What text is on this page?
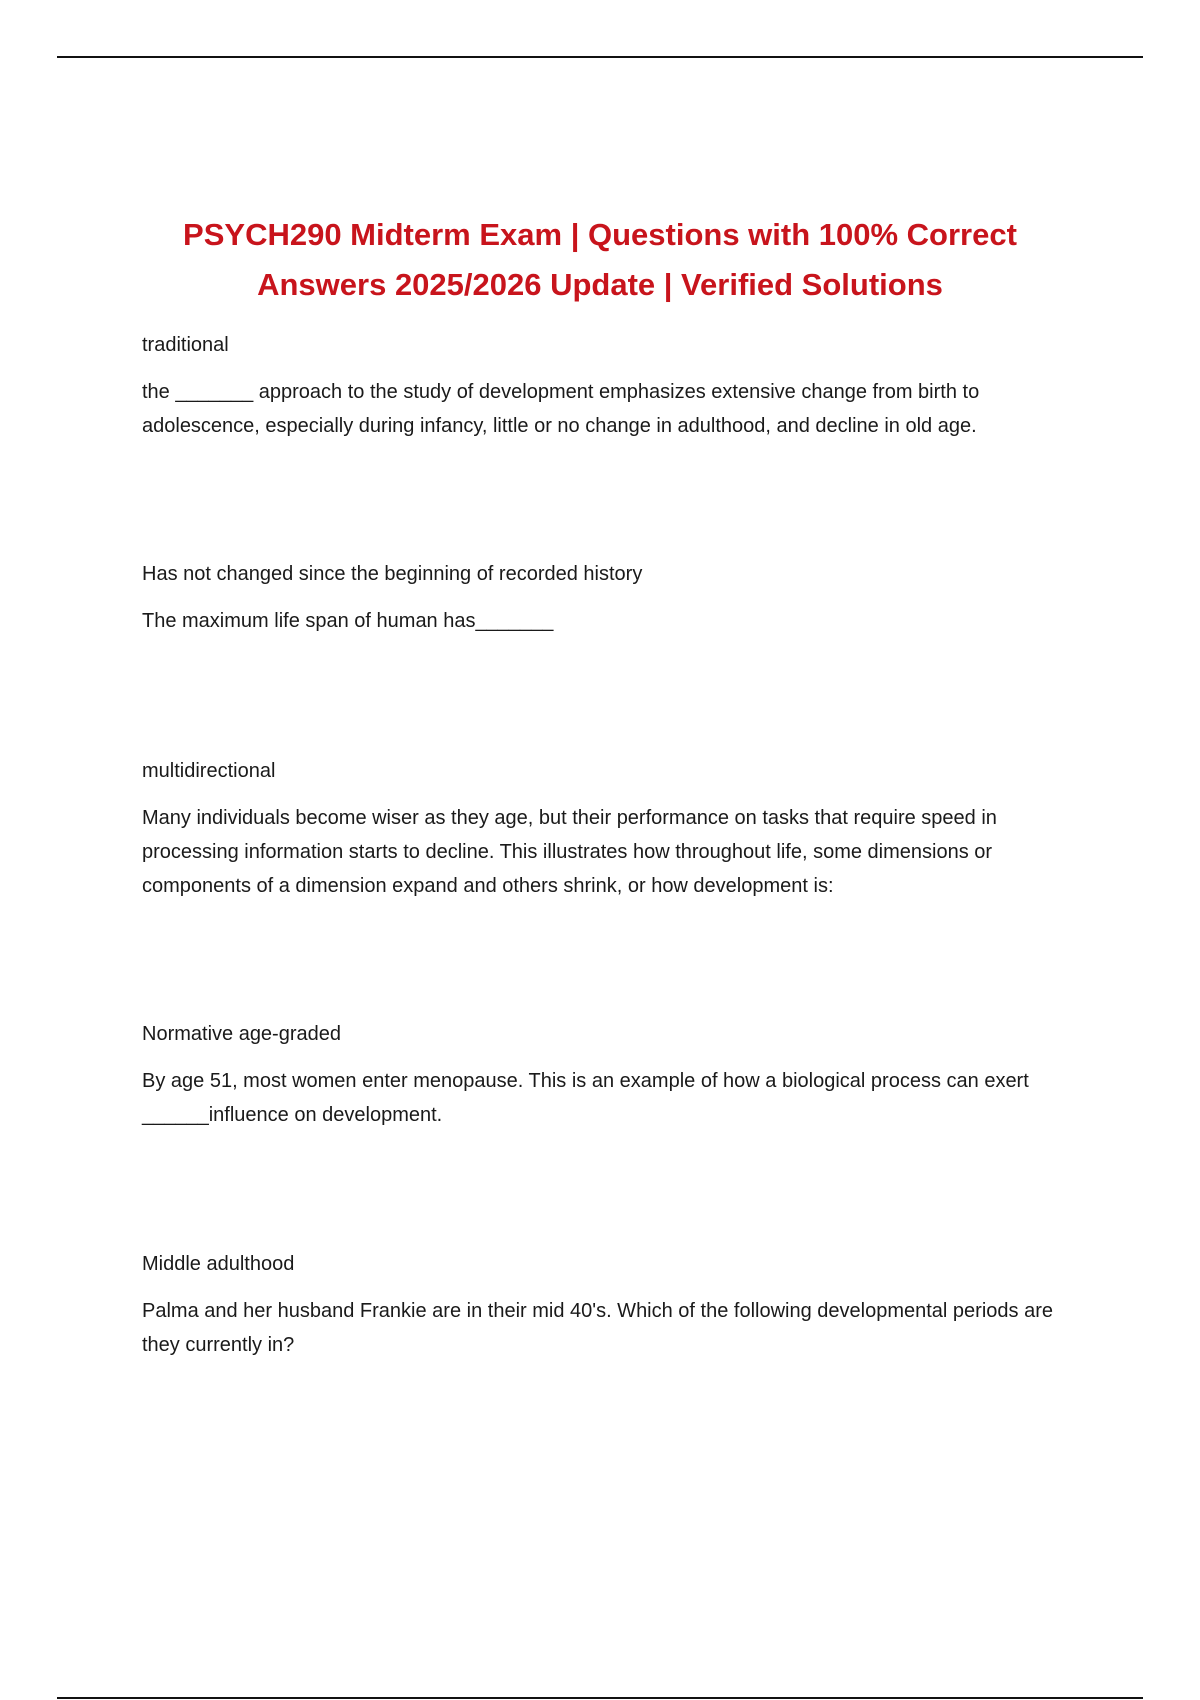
PSYCH290 Midterm Exam | Questions with 100% Correct Answers 2025/2026 Update | Verified Solutions

traditional

the _______ approach to the study of development emphasizes extensive change from birth to adolescence, especially during infancy, little or no change in adulthood, and decline in old age.

Has not changed since the beginning of recorded history

The maximum life span of human has_______

multidirectional

Many individuals become wiser as they age, but their performance on tasks that require speed in processing information starts to decline. This illustrates how throughout life, some dimensions or components of a dimension expand and others shrink, or how development is:

Normative age-graded

By age 51, most women enter menopause. This is an example of how a biological process can exert ______influence on development.

Middle adulthood

Palma and her husband Frankie are in their mid 40's. Which of the following developmental periods are they currently in?
